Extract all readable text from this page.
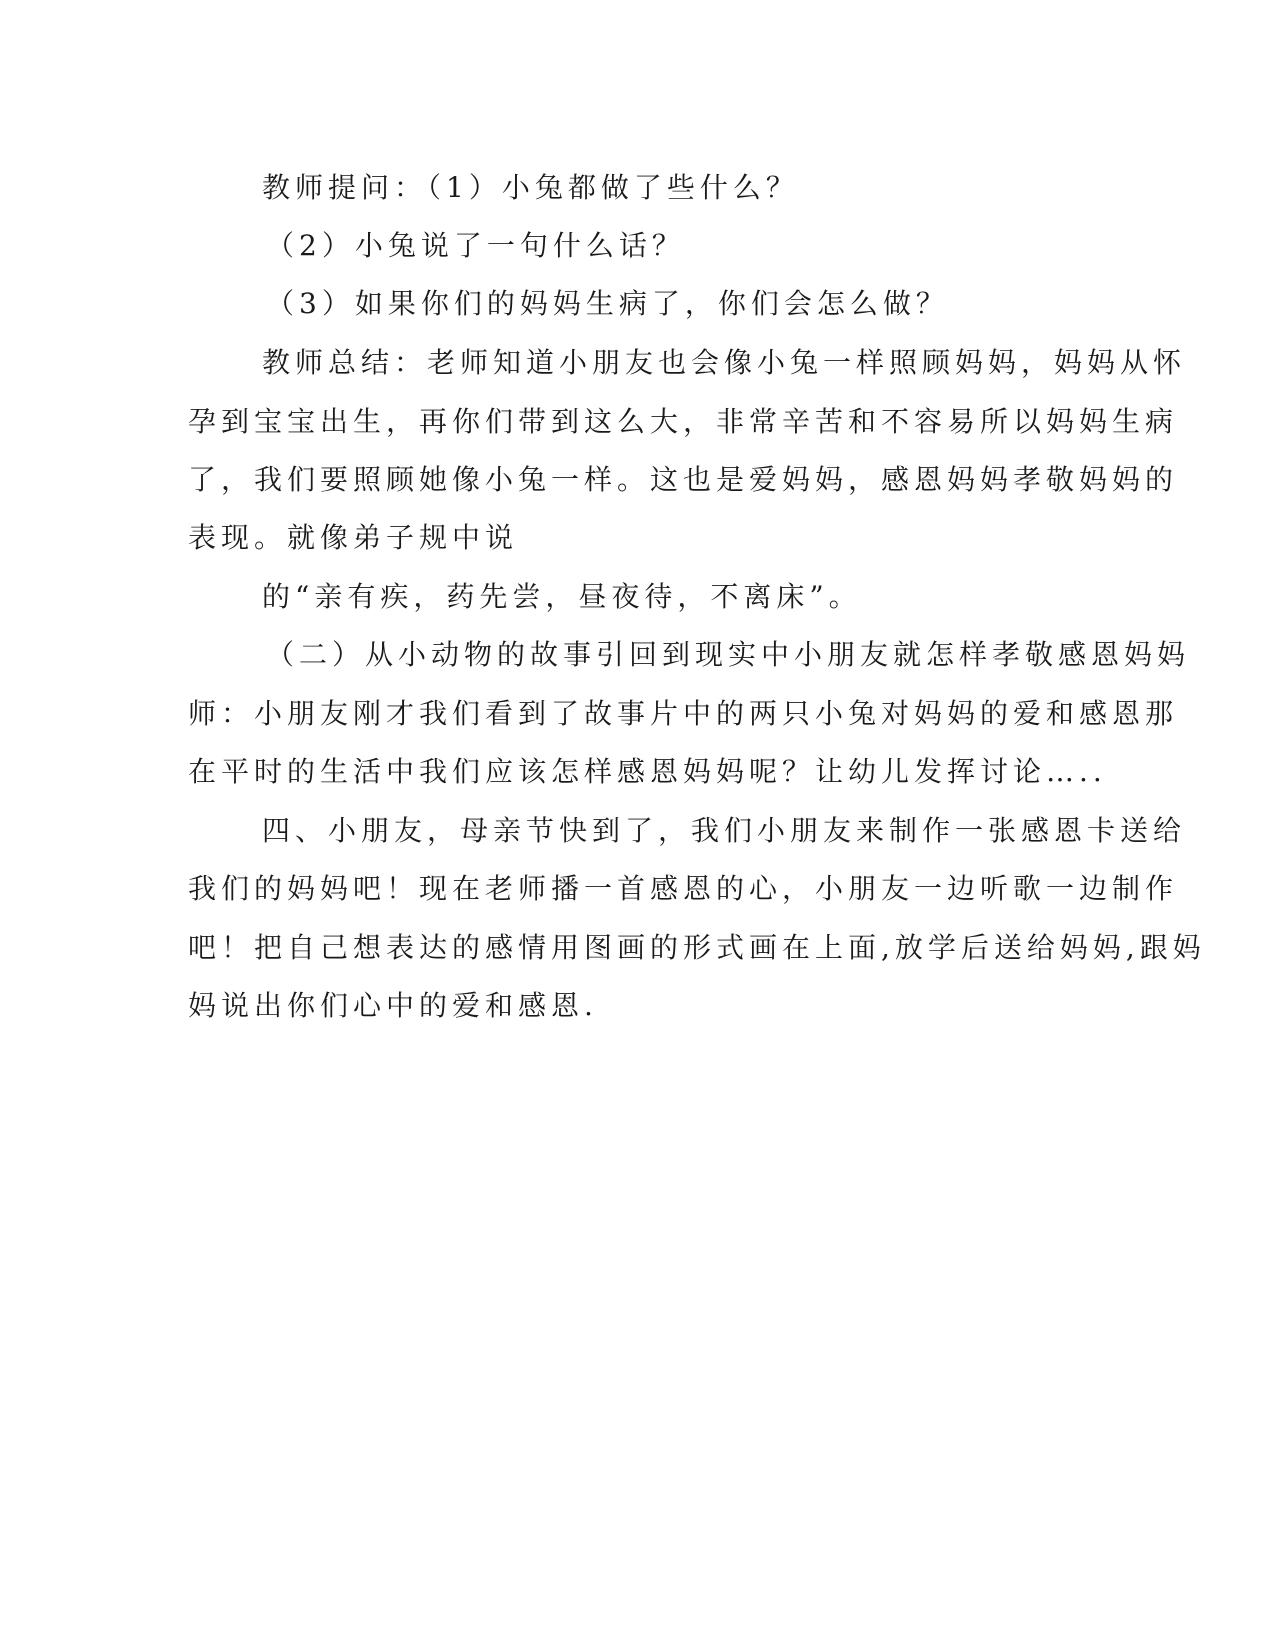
教师提问：（1）小兔都做了些什么？
（2）小兔说了一句什么话？
（3）如果你们的妈妈生病了，你们会怎么做？
教师总结：老师知道小朋友也会像小兔一样照顾妈妈，妈妈从怀
孕到宝宝出生，再你们带到这么大，非常辛苦和不容易所以妈妈生病
了，我们要照顾她像小兔一样。这也是爱妈妈，感恩妈妈孝敬妈妈的
表现。就像弟子规中说
的“亲有疾，药先尝，昼夜待，不离床”。
（二）从小动物的故事引回到现实中小朋友就怎样孝敬感恩妈妈
师：小朋友刚才我们看到了故事片中的两只小兔对妈妈的爱和感恩那
在平时的生活中我们应该怎样感恩妈妈呢？让幼儿发挥讨论…..
四、小朋友，母亲节快到了，我们小朋友来制作一张感恩卡送给
我们的妈妈吧！现在老师播一首感恩的心，小朋友一边听歌一边制作
吧！把自己想表达的感情用图画的形式画在上面,放学后送给妈妈,跟妈
妈说出你们心中的爱和感恩.
